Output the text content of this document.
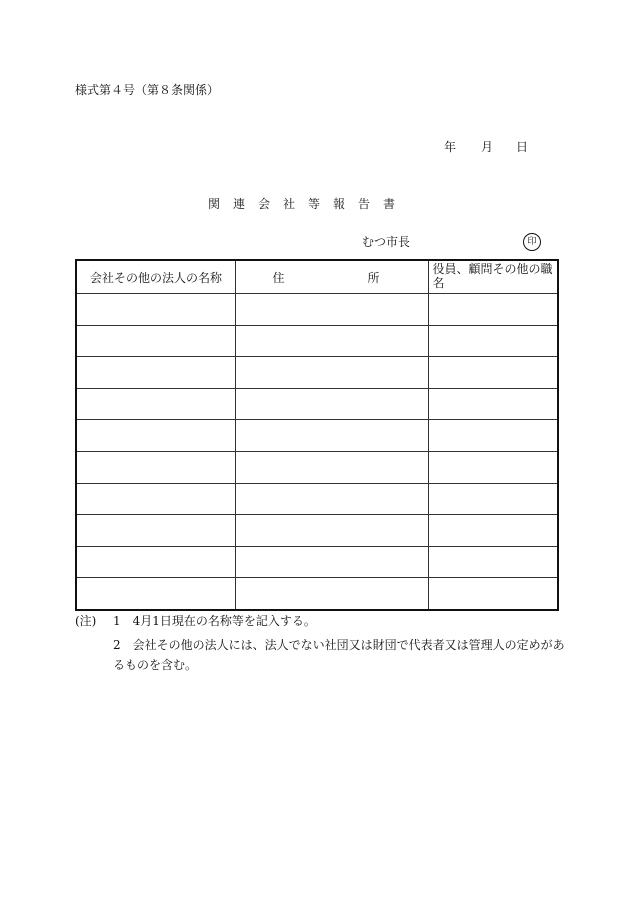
様式第４号（第８条関係）
年 月 日
関連会社等報告書
むつ市長	印
会社その他の法人の名称	住 所	役員、顧問その他の職名

(注) 1　4月1日現在の名称等を記入する。
2　会社その他の法人には、法人でない社団又は財団で代表者又は管理人の定めがあ
るものを含む。
